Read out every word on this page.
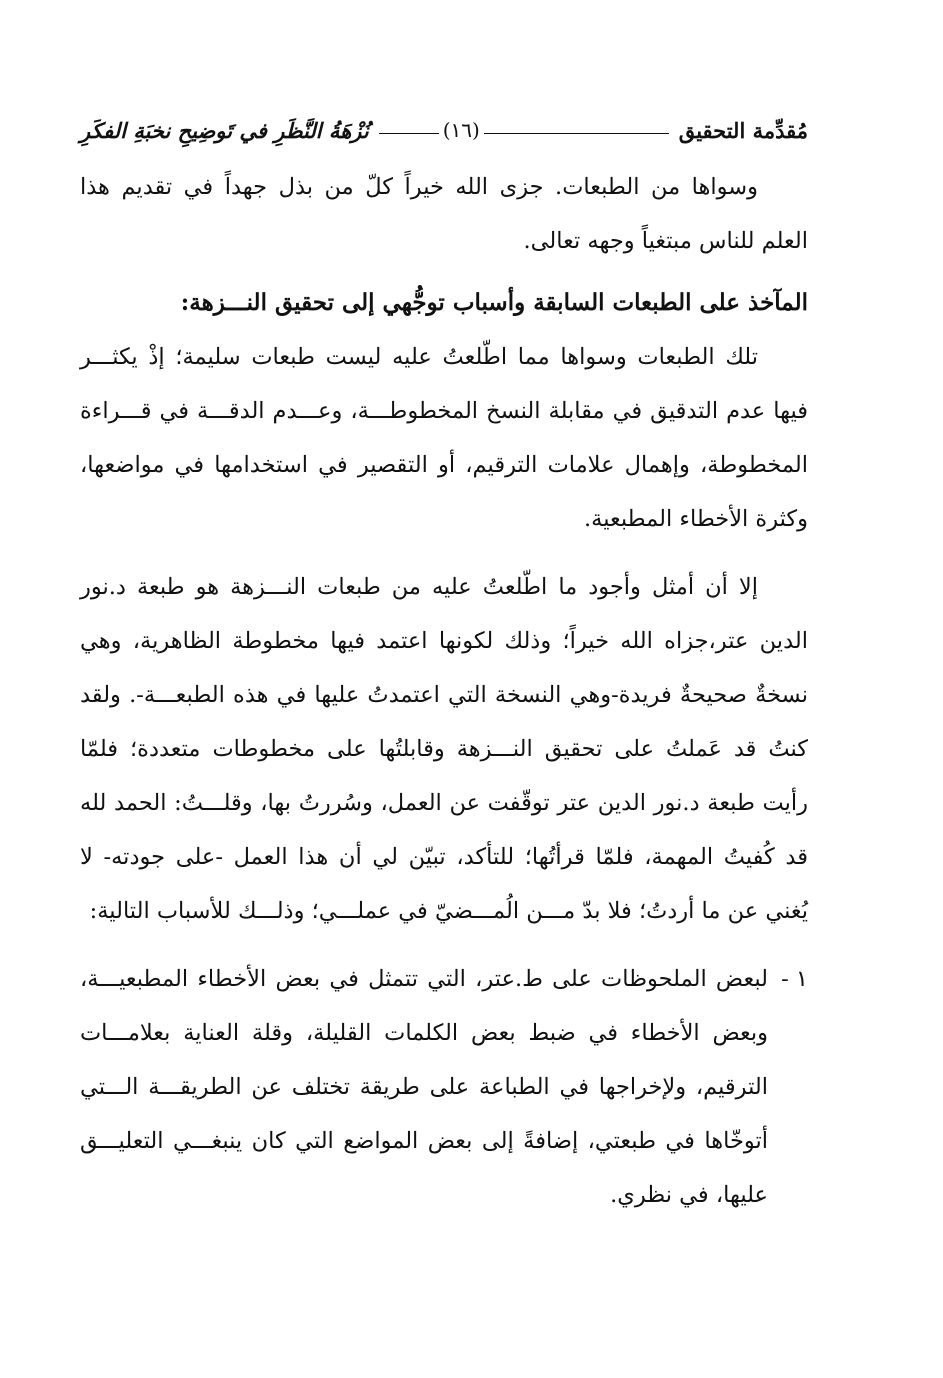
مُقدِّمة التحقيق
(١٦)
نُزْهَةُ النَّظَرِ في تَوضِيحِ نخبَةِ الفكَرِ

وسواها من الطبعات. جزى الله خيراً كلّ من بذل جهداً في تقديم هذا العلم للناس مبتغياً وجهه تعالى.

المآخذ على الطبعات السابقة وأسباب توجُّهي إلى تحقيق النـــزهة:

تلك الطبعات وسواها مما اطّلعتُ عليه ليست طبعات سليمة؛ إذْ يكثـــر فيها عدم التدقيق في مقابلة النسخ المخطوطـــة، وعـــدم الدقـــة في قـــراءة المخطوطة، وإهمال علامات الترقيم، أو التقصير في استخدامها في مواضعها، وكثرة الأخطاء المطبعية.

إلا أن أمثل وأجود ما اطّلعتُ عليه من طبعات النـــزهة هو طبعة د.نور الدين عتر،جزاه الله خيراً؛ وذلك لكونها اعتمد فيها مخطوطة الظاهرية، وهي نسخةٌ صحيحةٌ فريدة-وهي النسخة التي اعتمدتُ عليها في هذه الطبعـــة-. ولقد كنتُ قد عَملتُ على تحقيق النـــزهة وقابلتُها على مخطوطات متعددة؛ فلمّا رأيت طبعة د.نور الدين عتر توقّفت عن العمل، وسُررتُ بها، وقلـــتُ: الحمد لله قد كُفيتُ المهمة، فلمّا قرأتُها؛ للتأكد، تبيّن لي أن هذا العمل -على جودته- لا يُغني عن ما أردتُ؛ فلا بدّ مـــن الُمـــضيّ في عملـــي؛ وذلـــك للأسباب التالية:

١ -
لبعض الملحوظات على ط.عتر، التي تتمثل في بعض الأخطاء المطبعيـــة، وبعض الأخطاء في ضبط بعض الكلمات القليلة، وقلة العناية بعلامـــات الترقيم، ولإخراجها في الطباعة على طريقة تختلف عن الطريقـــة الـــتي أتوخّاها في طبعتي، إضافةً إلى بعض المواضع التي كان ينبغـــي التعليـــق عليها، في نظري.
